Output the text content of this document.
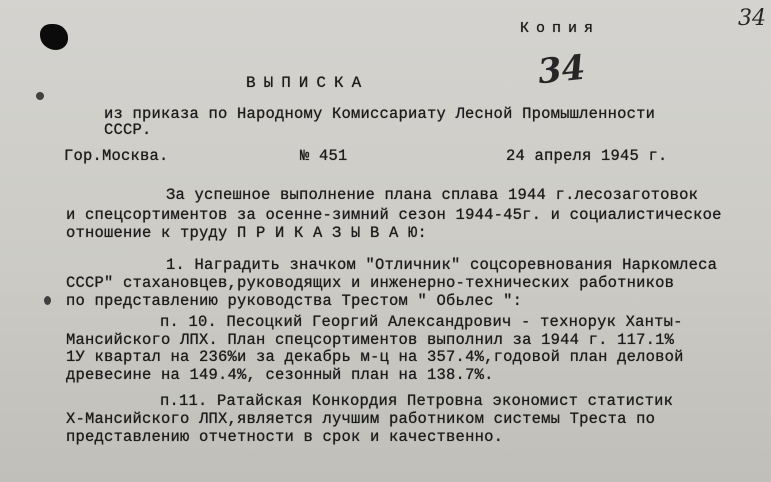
34
Копия
34
ВЫПИСКА
из приказа по Народному Комиссариату Лесной Промышленности
СССР.
Гор.Москва.	№ 451	24 апреля 1945 г.
За успешное выполнение плана сплава 1944 г.лесозаготовок
и спецсортиментов за осенне-зимний сезон 1944-45г. и социалистическое
отношение к труду П Р И К А З Ы В А Ю:
1. Наградить значком "Отличник" соцсоревнования Наркомлеса
СССР" стахановцев,руководящих и инженерно-технических работников
по представлению руководства Трестом " Обьлес ":
п. 10. Песоцкий Георгий Александрович - технорук Ханты-
Мансийского ЛПХ. План спецсортиментов выполнил за 1944 г. 117.1%
1У квартал на 236%и за декабрь м-ц на 357.4%,годовой план деловой
древесине на 149.4%, сезонный план на 138.7%.
п.11. Ратайская Конкордия Петровна экономист статистик
Х-Мансийского ЛПХ,является лучшим работником системы Треста по
представлению отчетности в срок и качественно.
